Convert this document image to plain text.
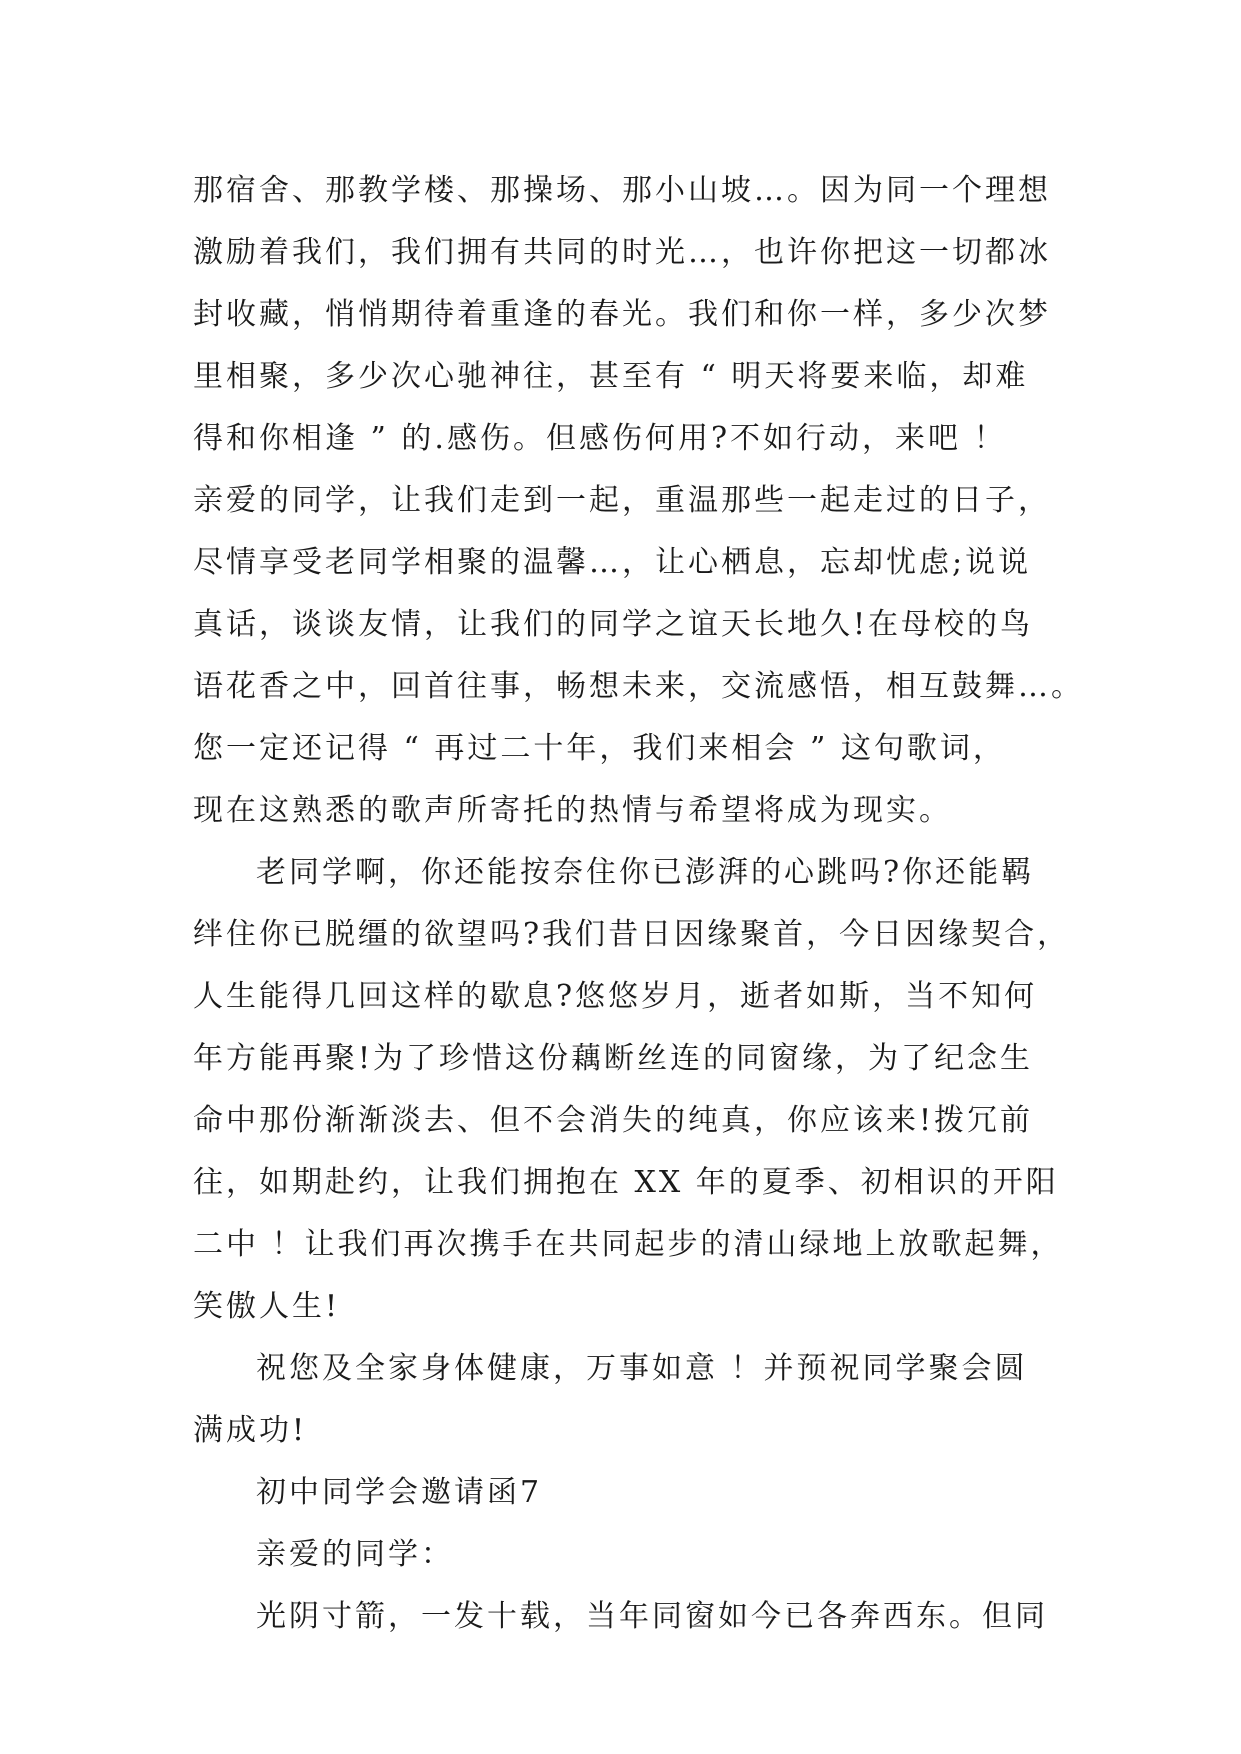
那宿舍、那教学楼、那操场、那小山坡…。因为同一个理想
激励着我们，我们拥有共同的时光…，也许你把这一切都冰
封收藏，悄悄期待着重逢的春光。我们和你一样，多少次梦
里相聚，多少次心驰神往，甚至有 “ 明天将要来临，却难
得和你相逢 ” 的.感伤。但感伤何用?不如行动，来吧 ！
亲爱的同学，让我们走到一起，重温那些一起走过的日子，
尽情享受老同学相聚的温馨…，让心栖息，忘却忧虑;说说
真话，谈谈友情，让我们的同学之谊天长地久!在母校的鸟
语花香之中，回首往事，畅想未来，交流感悟，相互鼓舞…。
您一定还记得 “ 再过二十年，我们来相会 ” 这句歌词，
现在这熟悉的歌声所寄托的热情与希望将成为现实。
老同学啊，你还能按奈住你已澎湃的心跳吗?你还能羁
绊住你已脱缰的欲望吗?我们昔日因缘聚首，今日因缘契合，
人生能得几回这样的歇息?悠悠岁月，逝者如斯，当不知何
年方能再聚!为了珍惜这份藕断丝连的同窗缘，为了纪念生
命中那份渐渐淡去、但不会消失的纯真，你应该来!拨冗前
往，如期赴约，让我们拥抱在 XX 年的夏季、初相识的开阳
二中 ！让我们再次携手在共同起步的清山绿地上放歌起舞，
笑傲人生!
祝您及全家身体健康，万事如意 ！并预祝同学聚会圆
满成功!
初中同学会邀请函7
亲爱的同学：
光阴寸箭，一发十载，当年同窗如今已各奔西东。但同
